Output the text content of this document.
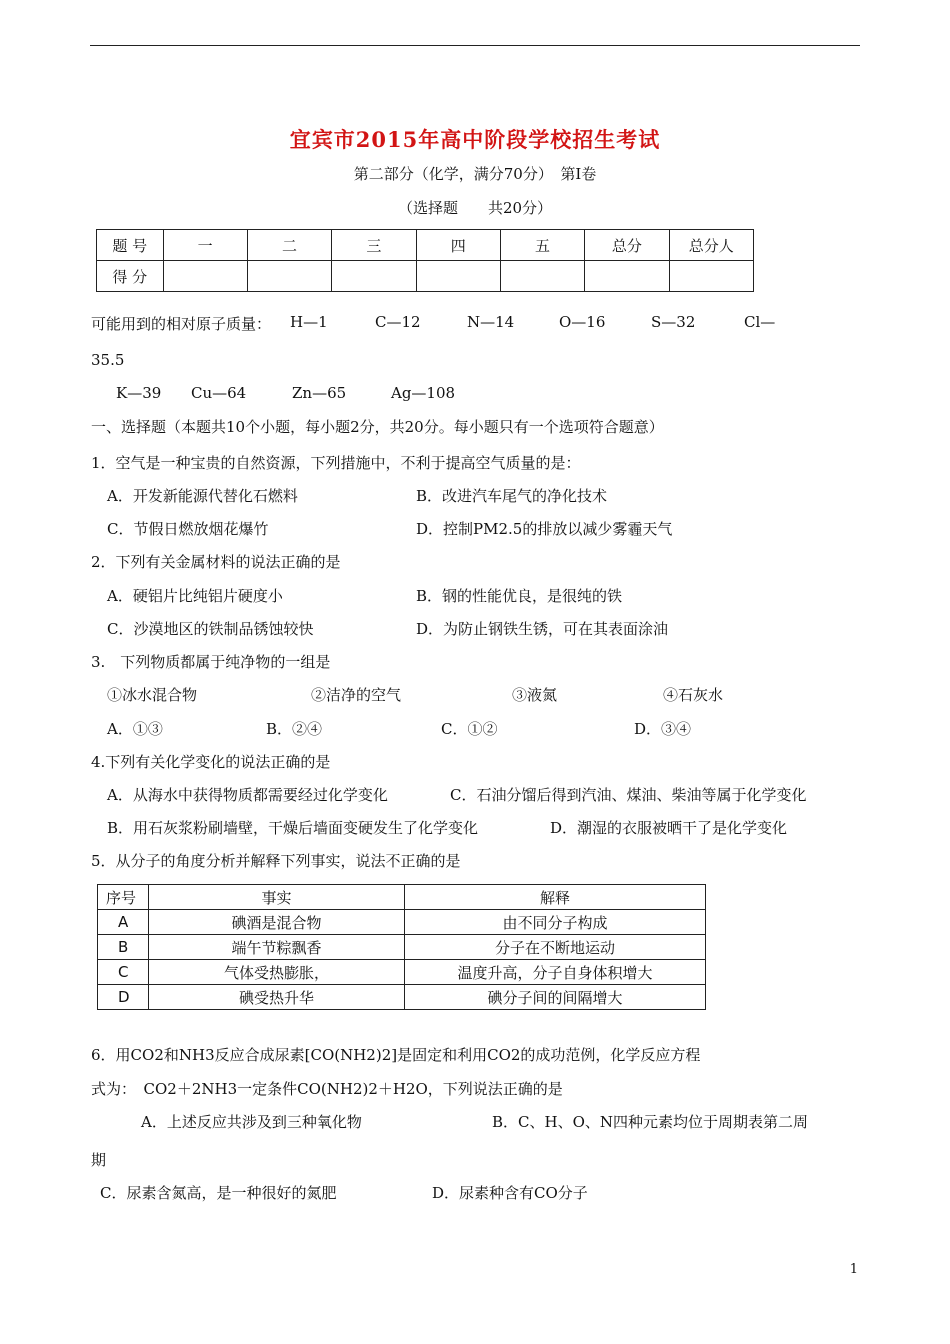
宜宾市2015年高中阶段学校招生考试
第二部分（化学，满分70分）　第Ⅰ卷
（选择题　　共20分）
题 号	一	二	三	四	五	总分	总分人
得 分							
可能用到的相对原子质量： H—1	C—12	N—14	O—16	S—32	Cl—
35.5
K—39 Cu—64	Zn—65	Ag—108
一、选择题（本题共10个小题，每小题2分，共20分。每小题只有一个选项符合题意）
1．空气是一种宝贵的自然资源，下列措施中，不利于提高空气质量的是：
A．开发新能源代替化石燃料	B．改进汽车尾气的净化技术
C．节假日燃放烟花爆竹	D．控制PM2.5的排放以减少雾霾天气
2．下列有关金属材料的说法正确的是
A．硬铝片比纯铝片硬度小	B．钢的性能优良，是很纯的铁
C．沙漠地区的铁制品锈蚀较快	D．为防止钢铁生锈，可在其表面涂油
3.　下列物质都属于纯净物的一组是
①冰水混合物	②洁净的空气	③液氮	④石灰水
A．①③	B．②④	C．①②	D．③④
4.下列有关化学变化的说法正确的是
A．从海水中获得物质都需要经过化学变化	C．石油分馏后得到汽油、煤油、柴油等属于化学变化
B．用石灰浆粉刷墙壁，干燥后墙面变硬发生了化学变化	D．潮湿的衣服被晒干了是化学变化
5．从分子的角度分析并解释下列事实，说法不正确的是
序号	事实	解释
A	碘酒是混合物	由不同分子构成
B	端午节粽飘香	分子在不断地运动
C	气体受热膨胀，	温度升高，分子自身体积增大
D	碘受热升华	碘分子间的间隔增大
6．用CO2和NH3反应合成尿素[CO(NH2)2]是固定和利用CO2的成功范例，化学反应方程
式为：　CO2＋2NH3一定条件CO(NH2)2＋H2O，下列说法正确的是
A．上述反应共涉及到三种氧化物	B．C、H、O、N四种元素均位于周期表第二周
期
C．尿素含氮高，是一种很好的氮肥	D．尿素种含有CO分子
1
